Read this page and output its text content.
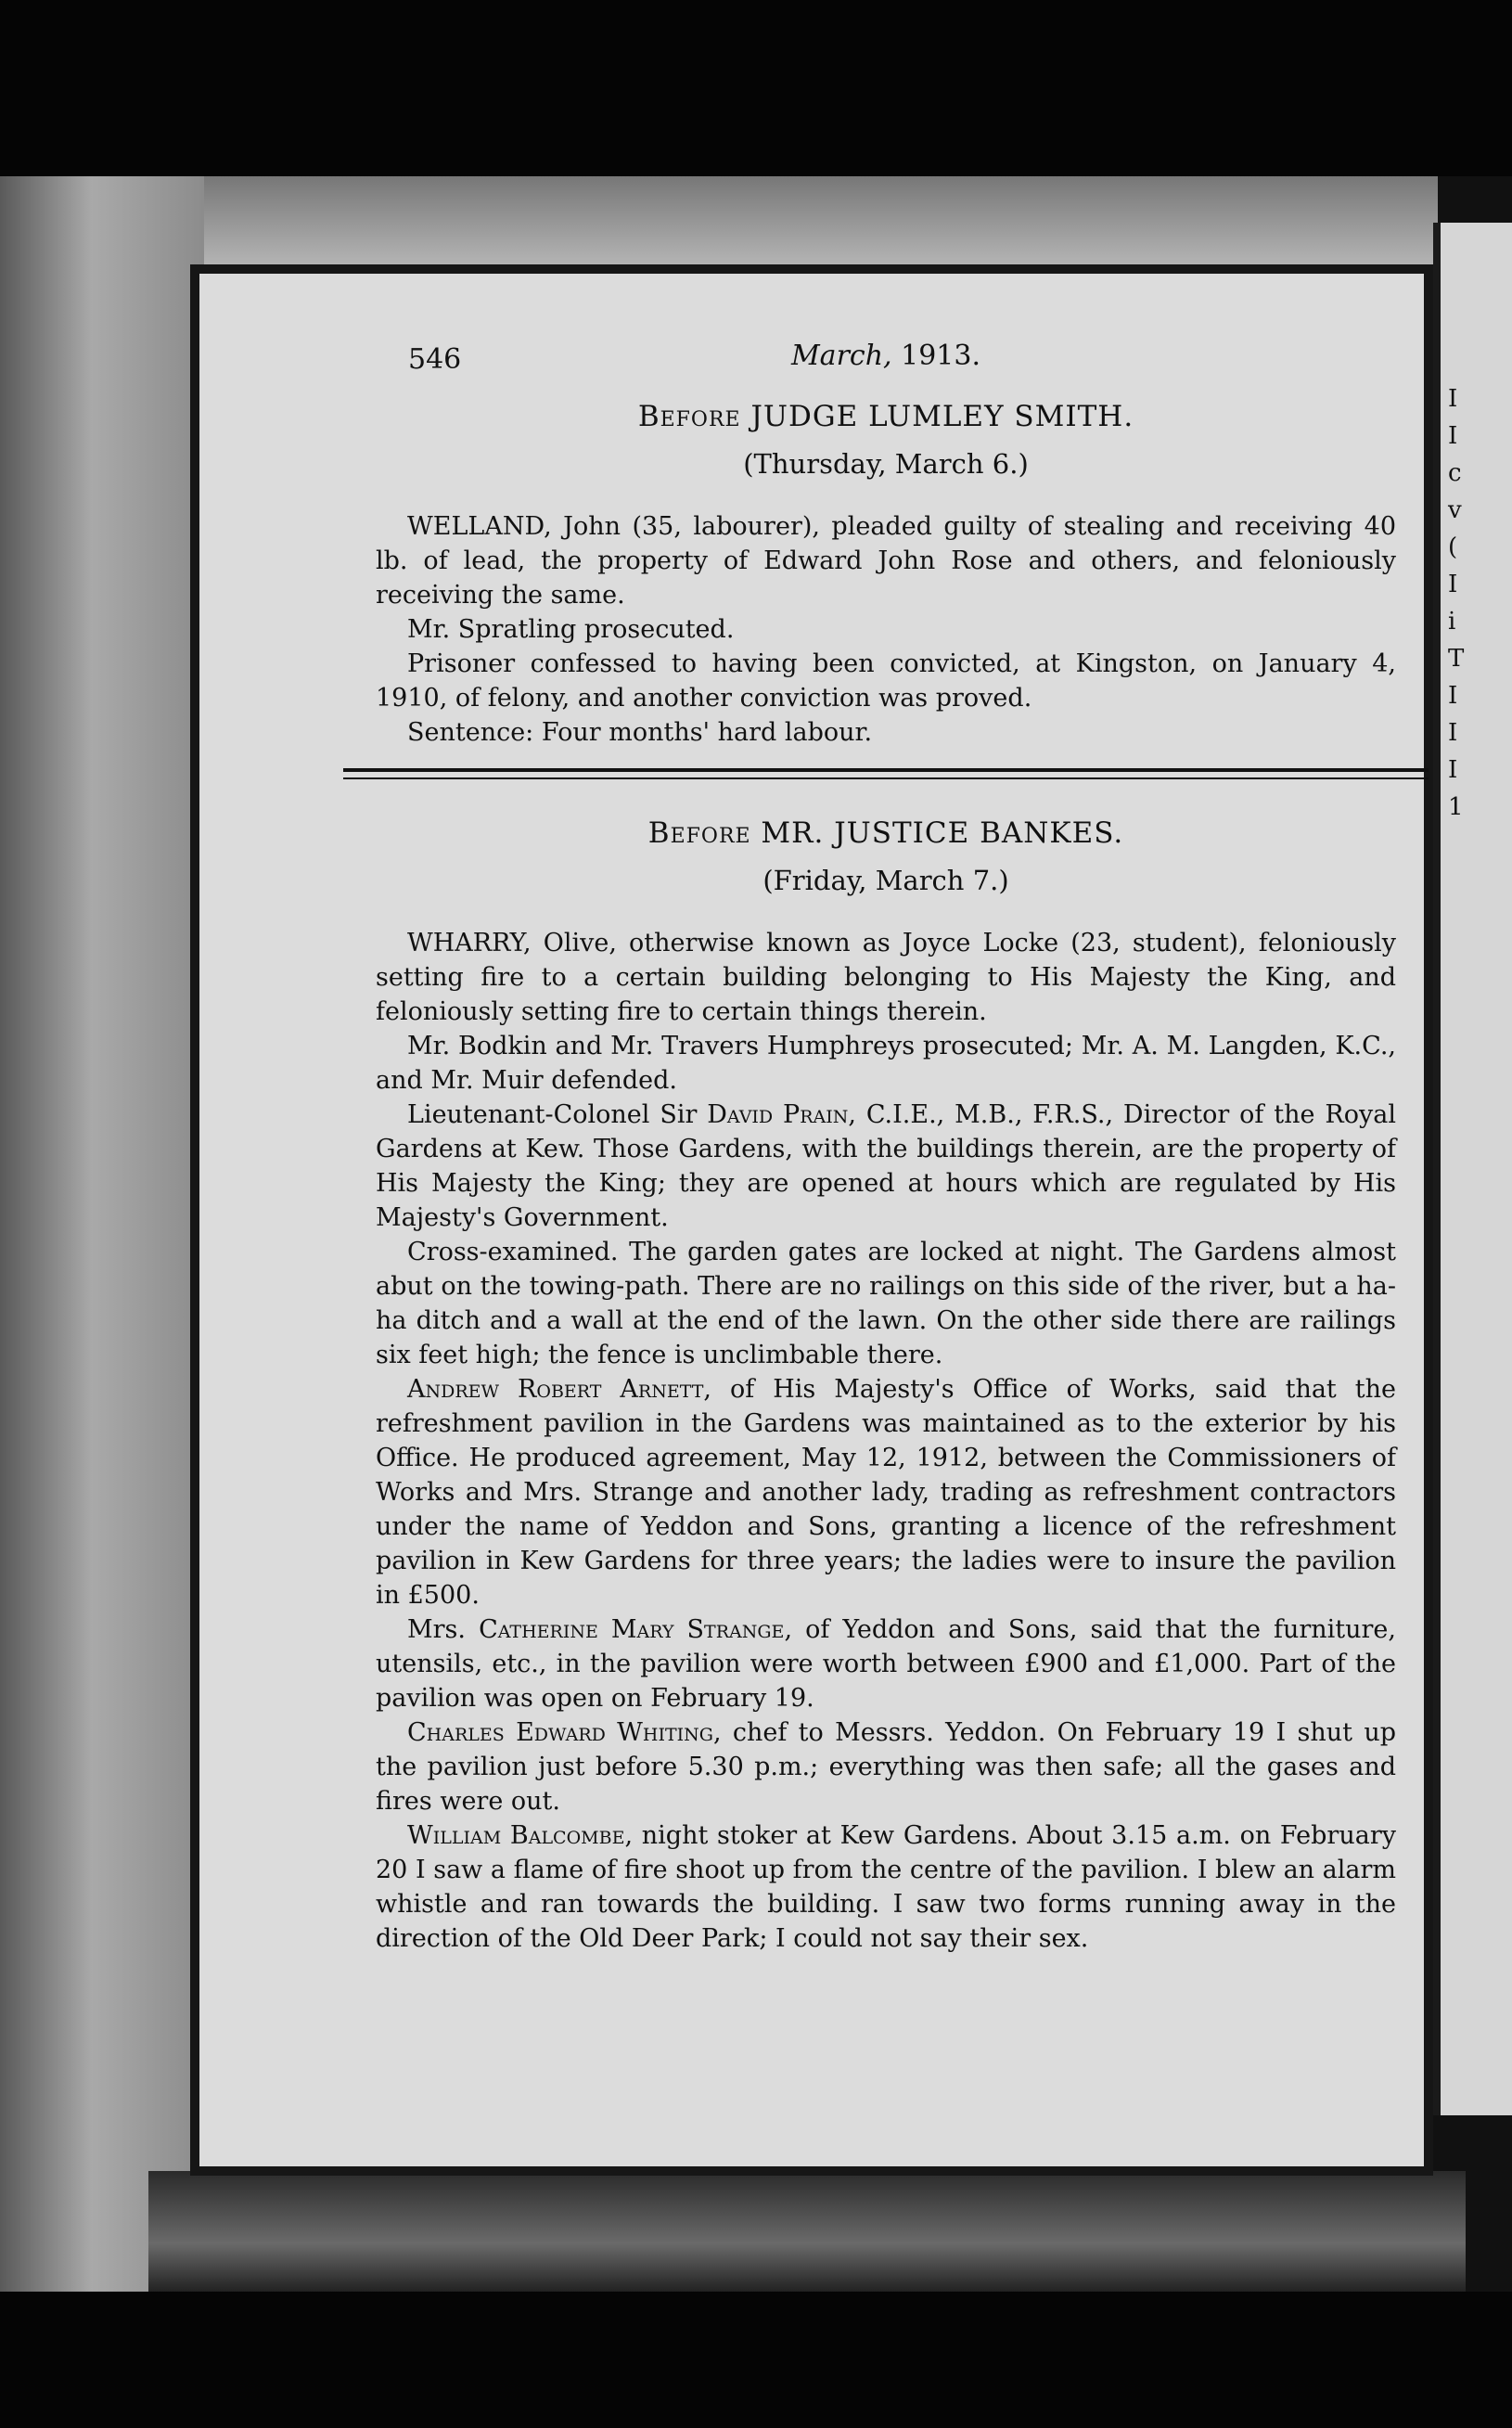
I
I
c
v
(
I
i
T
I
I
I
1
546	March, 1913.
Before JUDGE LUMLEY SMITH.
(Thursday, March 6.)

WELLAND, John (35, labourer), pleaded guilty of stealing and receiving 40 lb. of lead, the property of Edward John Rose and others, and feloniously receiving the same.

Mr. Spratling prosecuted.

Prisoner confessed to having been convicted, at Kingston, on January 4, 1910, of felony, and another conviction was proved.

Sentence: Four months' hard labour.

Before MR. JUSTICE BANKES.
(Friday, March 7.)

WHARRY, Olive, otherwise known as Joyce Locke (23, student), feloniously setting fire to a certain building belonging to His Majesty the King, and feloniously setting fire to certain things therein.

Mr. Bodkin and Mr. Travers Humphreys prosecuted; Mr. A. M. Langden, K.C., and Mr. Muir defended.

Lieutenant-Colonel Sir David Prain, C.I.E., M.B., F.R.S., Director of the Royal Gardens at Kew. Those Gardens, with the buildings therein, are the property of His Majesty the King; they are opened at hours which are regulated by His Majesty's Government.

Cross-examined. The garden gates are locked at night. The Gardens almost abut on the towing-path. There are no railings on this side of the river, but a ha-ha ditch and a wall at the end of the lawn. On the other side there are railings six feet high; the fence is unclimbable there.

Andrew Robert Arnett, of His Majesty's Office of Works, said that the refreshment pavilion in the Gardens was maintained as to the exterior by his Office. He produced agreement, May 12, 1912, between the Commissioners of Works and Mrs. Strange and another lady, trading as refreshment contractors under the name of Yeddon and Sons, granting a licence of the refreshment pavilion in Kew Gardens for three years; the ladies were to insure the pavilion in £500.

Mrs. Catherine Mary Strange, of Yeddon and Sons, said that the furniture, utensils, etc., in the pavilion were worth between £900 and £1,000. Part of the pavilion was open on February 19.

Charles Edward Whiting, chef to Messrs. Yeddon. On February 19 I shut up the pavilion just before 5.30 p.m.; everything was then safe; all the gases and fires were out.

William Balcombe, night stoker at Kew Gardens. About 3.15 a.m. on February 20 I saw a flame of fire shoot up from the centre of the pavilion. I blew an alarm whistle and ran towards the building. I saw two forms running away in the direction of the Old Deer Park; I could not say their sex.
